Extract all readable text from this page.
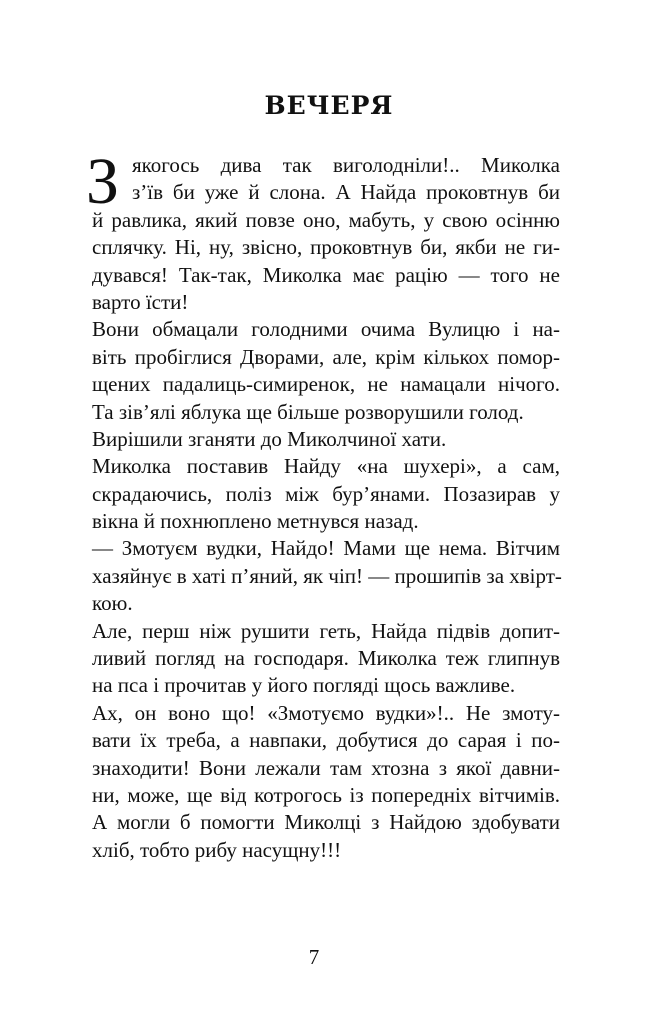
ВЕЧЕРЯ
З якогось дива так виголодніли!.. Миколка
з’їв би уже й слона. А Найда проковтнув би
й равлика, який повзе оно, мабуть, у свою осінню
сплячку. Ні, ну, звісно, проковтнув би, якби не ги-
дувався! Так-так, Миколка має рацію — того не
варто їсти!
Вони обмацали голодними очима Вулицю і на-
віть пробіглися Дворами, але, крім кількох помор-
щених падалиць-симиренок, не намацали нічого.
Та зів’ялі яблука ще більше розворушили голод.
Вирішили зганяти до Миколчиної хати.
Миколка поставив Найду «на шухері», а сам,
скрадаючись, поліз між бур’янами. Позазирав у
вікна й похнюплено метнувся назад.
— Змотуєм вудки, Найдо! Мами ще нема. Вітчим
хазяйнує в хаті п’яний, як чіп! — прошипів за хвірт-
кою.
Але, перш ніж рушити геть, Найда підвів допит-
ливий погляд на господаря. Миколка теж глипнув
на пса і прочитав у його погляді щось важливе.
Ах, он воно що! «Змотуємо вудки»!.. Не змоту-
вати їх треба, а навпаки, добутися до сарая і по-
знаходити! Вони лежали там хтозна з якої давни-
ни, може, ще від котрогось із попередніх вітчимів.
А могли б помогти Миколці з Найдою здобувати
хліб, тобто рибу насущну!!!
7
